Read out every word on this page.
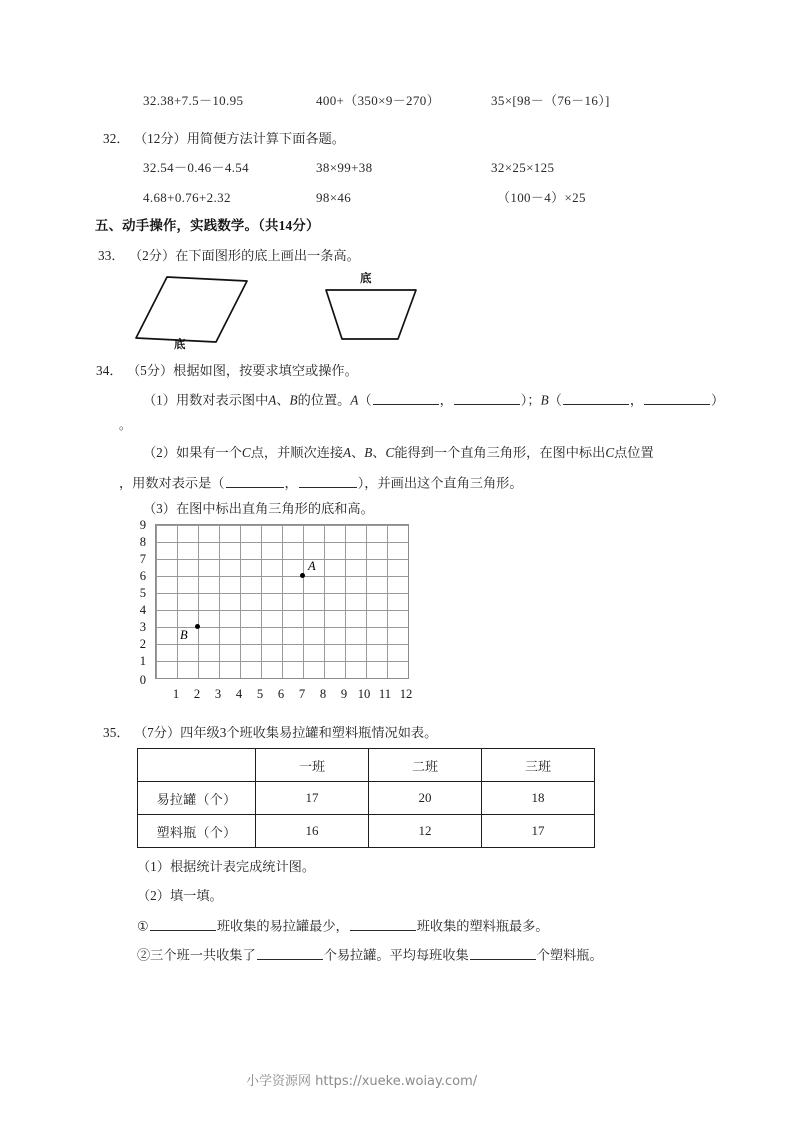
32.38+7.5－10.95	400+（350×9－270）	35×[98－（76－16）]
32． （12分）用简便方法计算下面各题。
32.54－0.46－4.54	38×99+38	32×25×125
4.68+0.76+2.32	98×46	（100－4）×25
五、动手操作，实践数学。（共14分）
33． （2分）在下面图形的底上画出一条高。
底
底
34． （5分）根据如图，按要求填空或操作。
（1）用数对表示图中A、B的位置。A（	，	）；B（	，	）
。
（2）如果有一个C点，并顺次连接A、B、C能得到一个直角三角形，在图中标出C点位置
，用数对表示是（	，	），并画出这个直角三角形。
（3）在图中标出直角三角形的底和高。
9
8
7
6
5
4
3
2
1
0
1	2	3	4	5	6	7	8	9 10 11 12
A
B
35． （7分）四年级3个班收集易拉罐和塑料瓶情况如表。
	一班	二班	三班
易拉罐（个）	17	20	18
塑料瓶（个）	16	12	17
（1）根据统计表完成统计图。
（2）填一填。
①	班收集的易拉罐最少，	班收集的塑料瓶最多。
②三个班一共收集了	个易拉罐。平均每班收集	个塑料瓶。
小学资源网 https://xueke.woiay.com/
